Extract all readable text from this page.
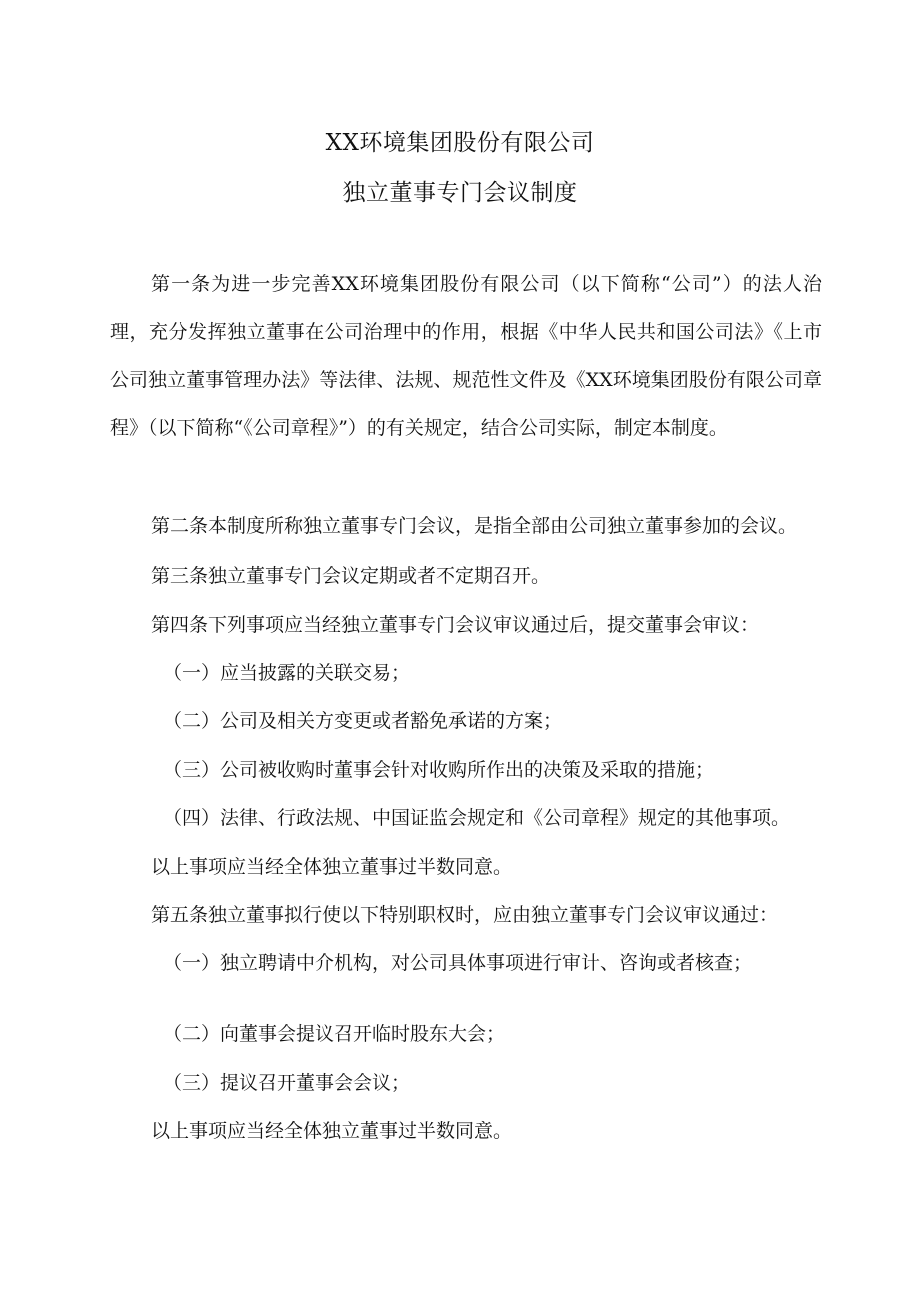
XX环境集团股份有限公司
独立董事专门会议制度

第一条为进一步完善XX环境集团股份有限公司（以下简称“公司”）的法人治理，充分发挥独立董事在公司治理中的作用，根据《中华人民共和国公司法》《上市公司独立董事管理办法》等法律、法规、规范性文件及《XX环境集团股份有限公司章程》（以下简称“《公司章程》”）的有关规定，结合公司实际，制定本制度。

第二条本制度所称独立董事专门会议，是指全部由公司独立董事参加的会议。

第三条独立董事专门会议定期或者不定期召开。

第四条下列事项应当经独立董事专门会议审议通过后，提交董事会审议：

（一）应当披露的关联交易；

（二）公司及相关方变更或者豁免承诺的方案；

（三）公司被收购时董事会针对收购所作出的决策及采取的措施；

（四）法律、行政法规、中国证监会规定和《公司章程》规定的其他事项。

以上事项应当经全体独立董事过半数同意。

第五条独立董事拟行使以下特别职权时，应由独立董事专门会议审议通过：

（一）独立聘请中介机构，对公司具体事项进行审计、咨询或者核查；

（二）向董事会提议召开临时股东大会；

（三）提议召开董事会会议；

以上事项应当经全体独立董事过半数同意。
